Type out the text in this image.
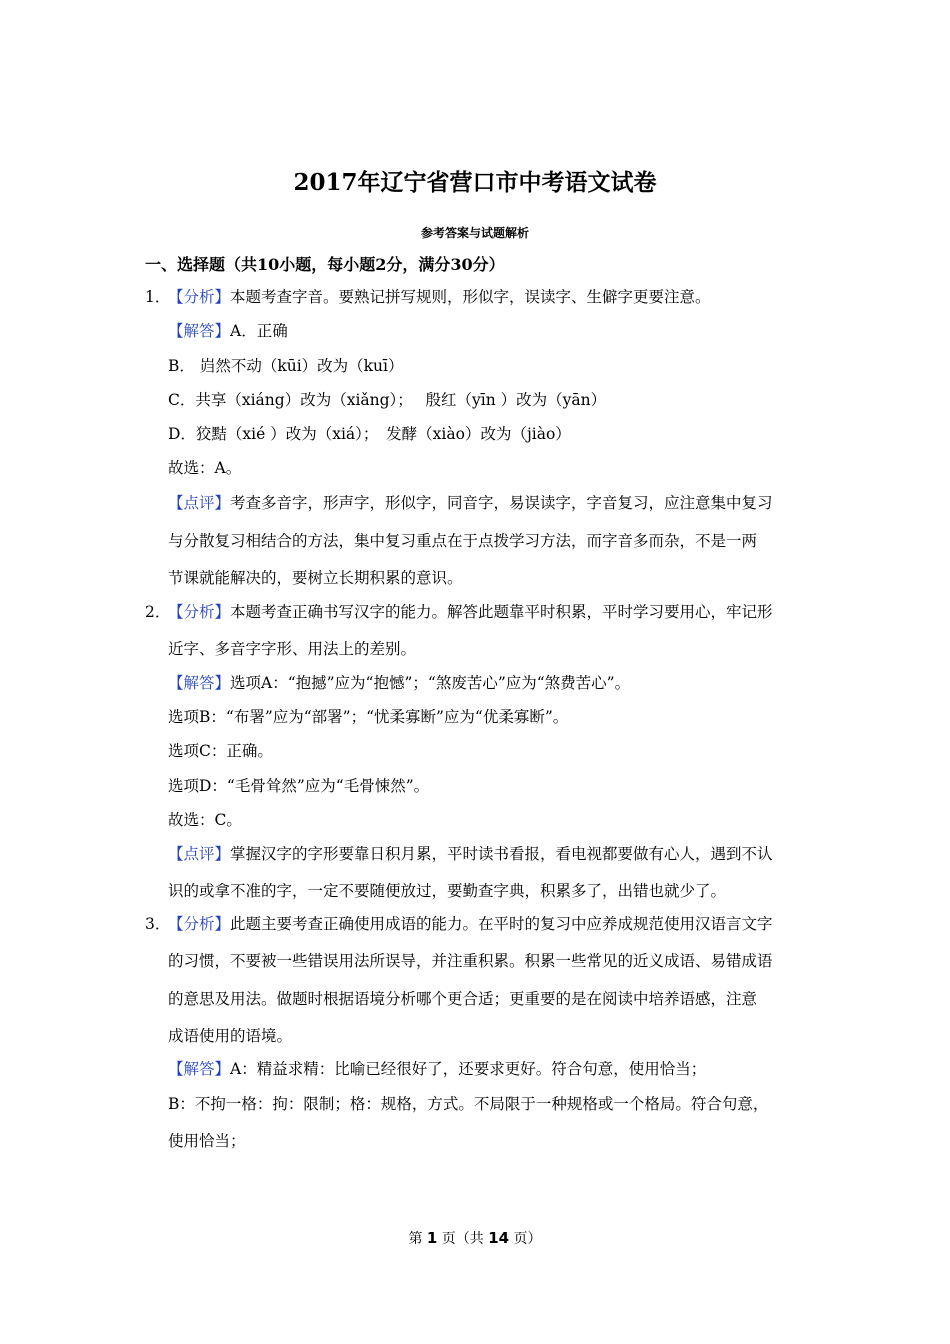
2017年辽宁省营口市中考语文试卷
参考答案与试题解析
一、选择题（共10小题，每小题2分，满分30分）
1．
【分析】本题考查字音。要熟记拼写规则，形似字，误读字、生僻字更要注意。
【解答】A．正确
B． 岿然不动（kūi）改为（kuī）
C．共享（xiáng）改为（xiǎng）；　 殷红（yīn ）改为（yān）
D．狡黠（xié ）改为（xiá）；　发酵（xiào）改为（jiào）
故选：A。
【点评】考查多音字，形声字，形似字，同音字，易误读字，字音复习，应注意集中复习
与分散复习相结合的方法，集中复习重点在于点拨学习方法，而字音多而杂，不是一两
节课就能解决的，要树立长期积累的意识。
2．
【分析】本题考查正确书写汉字的能力。解答此题靠平时积累，平时学习要用心，牢记形
近字、多音字字形、用法上的差别。
【解答】选项A：“抱撼”应为“抱憾”；“煞废苦心”应为“煞费苦心”。
选项B：“布署”应为“部署”；“忧柔寡断”应为“优柔寡断”。
选项C：正确。
选项D：“毛骨耸然”应为“毛骨悚然”。
故选：C。
【点评】掌握汉字的字形要靠日积月累，平时读书看报，看电视都要做有心人，遇到不认
识的或拿不准的字，一定不要随便放过，要勤查字典，积累多了，出错也就少了。
3．
【分析】此题主要考查正确使用成语的能力。在平时的复习中应养成规范使用汉语言文字
的习惯，不要被一些错误用法所误导，并注重积累。积累一些常见的近义成语、易错成语
的意思及用法。做题时根据语境分析哪个更合适；更重要的是在阅读中培养语感，注意
成语使用的语境。
【解答】A：精益求精：比喻已经很好了，还要求更好。符合句意，使用恰当；
B：不拘一格：拘：限制；格：规格，方式。不局限于一种规格或一个格局。符合句意，
使用恰当；
第 1 页（共 14 页）
